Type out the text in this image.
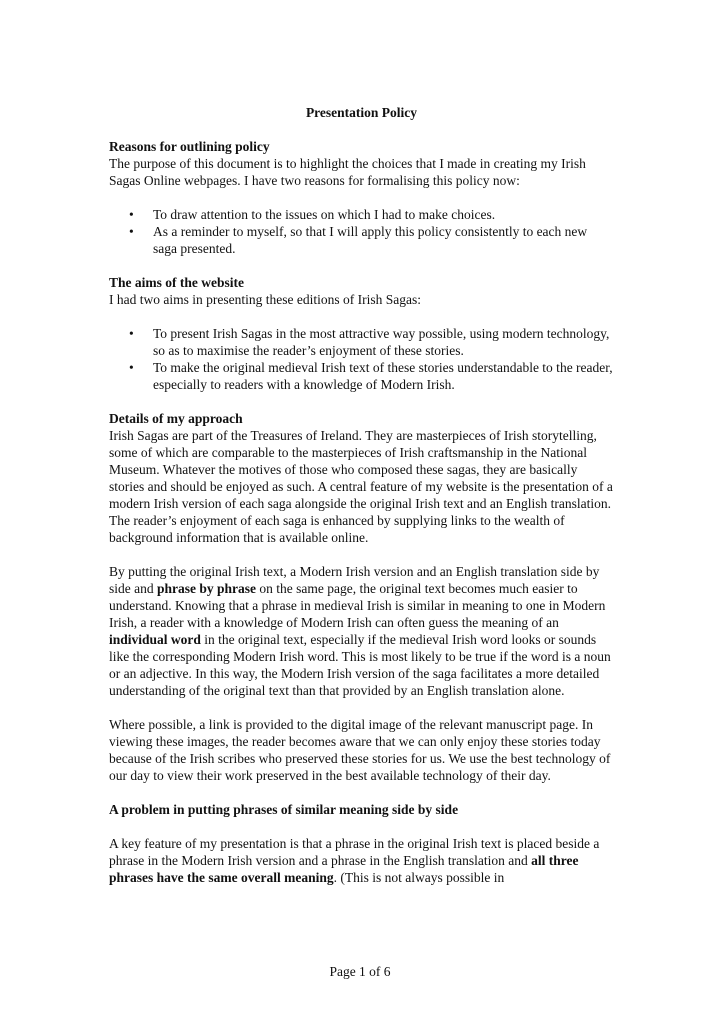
Presentation Policy

Reasons for outlining policy

The purpose of this document is to highlight the choices that I made in creating my Irish Sagas Online webpages. I have two reasons for formalising this policy now:

• To draw attention to the issues on which I had to make choices.
• As a reminder to myself, so that I will apply this policy consistently to each new saga presented.

The aims of the website

I had two aims in presenting these editions of Irish Sagas:

• To present Irish Sagas in the most attractive way possible, using modern technology, so as to maximise the reader’s enjoyment of these stories.
• To make the original medieval Irish text of these stories understandable to the reader, especially to readers with a knowledge of Modern Irish.

Details of my approach

Irish Sagas are part of the Treasures of Ireland. They are masterpieces of Irish storytelling, some of which are comparable to the masterpieces of Irish craftsmanship in the National Museum. Whatever the motives of those who composed these sagas, they are basically stories and should be enjoyed as such. A central feature of my website is the presentation of a modern Irish version of each saga alongside the original Irish text and an English translation. The reader’s enjoyment of each saga is enhanced by supplying links to the wealth of background information that is available online.

By putting the original Irish text, a Modern Irish version and an English translation side by side and phrase by phrase on the same page, the original text becomes much easier to understand. Knowing that a phrase in medieval Irish is similar in meaning to one in Modern Irish, a reader with a knowledge of Modern Irish can often guess the meaning of an individual word in the original text, especially if the medieval Irish word looks or sounds like the corresponding Modern Irish word. This is most likely to be true if the word is a noun or an adjective. In this way, the Modern Irish version of the saga facilitates a more detailed understanding of the original text than that provided by an English translation alone.

Where possible, a link is provided to the digital image of the relevant manuscript page. In viewing these images, the reader becomes aware that we can only enjoy these stories today because of the Irish scribes who preserved these stories for us. We use the best technology of our day to view their work preserved in the best available technology of their day.

A problem in putting phrases of similar meaning side by side

A key feature of my presentation is that a phrase in the original Irish text is placed beside a phrase in the Modern Irish version and a phrase in the English translation and all three phrases have the same overall meaning. (This is not always possible in

Page 1 of 6
